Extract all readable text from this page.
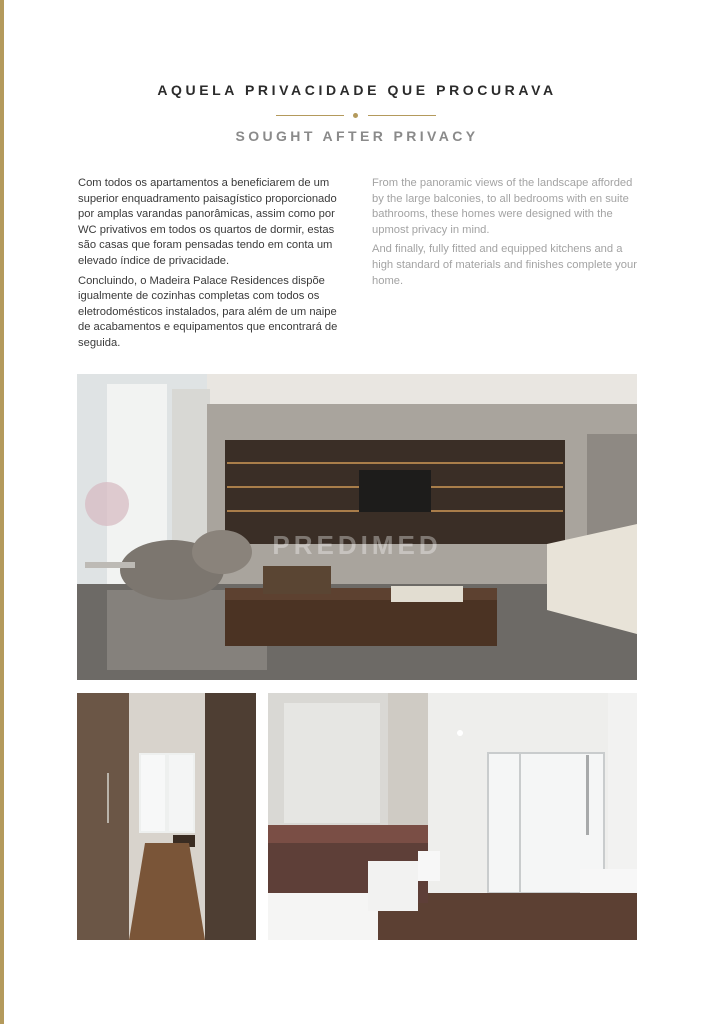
AQUELA PRIVACIDADE QUE PROCURAVA
SOUGHT AFTER PRIVACY

Com todos os apartamentos a beneficiarem de um superior enquadramento paisagístico proporcionado por amplas varandas panorâmicas, assim como por WC privativos em todos os quartos de dormir, estas são casas que foram pensadas tendo em conta um elevado índice de privacidade.

Concluindo, o Madeira Palace Residences dispõe igualmente de cozinhas completas com todos os eletrodomésticos instalados, para além de um naipe de acabamentos e equipamentos que encontrará de seguida.

From the panoramic views of the landscape afforded by the large balconies, to all bedrooms with en suite bathrooms, these homes were designed with the upmost privacy in mind.

And finally, fully fitted and equipped kitchens and a high standard of materials and finishes complete your home.

PREDIMED
